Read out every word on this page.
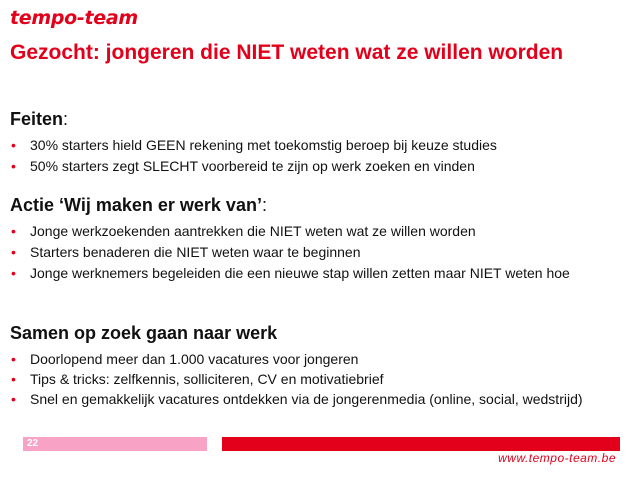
tempo-team
Gezocht: jongeren die NIET weten wat ze willen worden

Feiten:

• 30% starters hield GEEN rekening met toekomstig beroep bij keuze studies
• 50% starters zegt SLECHT voorbereid te zijn op werk zoeken en vinden

Actie ‘Wij maken er werk van’:

• Jonge werkzoekenden aantrekken die NIET weten wat ze willen worden
• Starters benaderen die NIET weten waar te beginnen
• Jonge werknemers begeleiden die een nieuwe stap willen zetten maar NIET weten hoe

Samen op zoek gaan naar werk

• Doorlopend meer dan 1.000 vacatures voor jongeren
• Tips & tricks: zelfkennis, solliciteren, CV en motivatiebrief
• Snel en gemakkelijk vacatures ontdekken via de jongerenmedia (online, social, wedstrijd)
22
www.tempo-team.be
